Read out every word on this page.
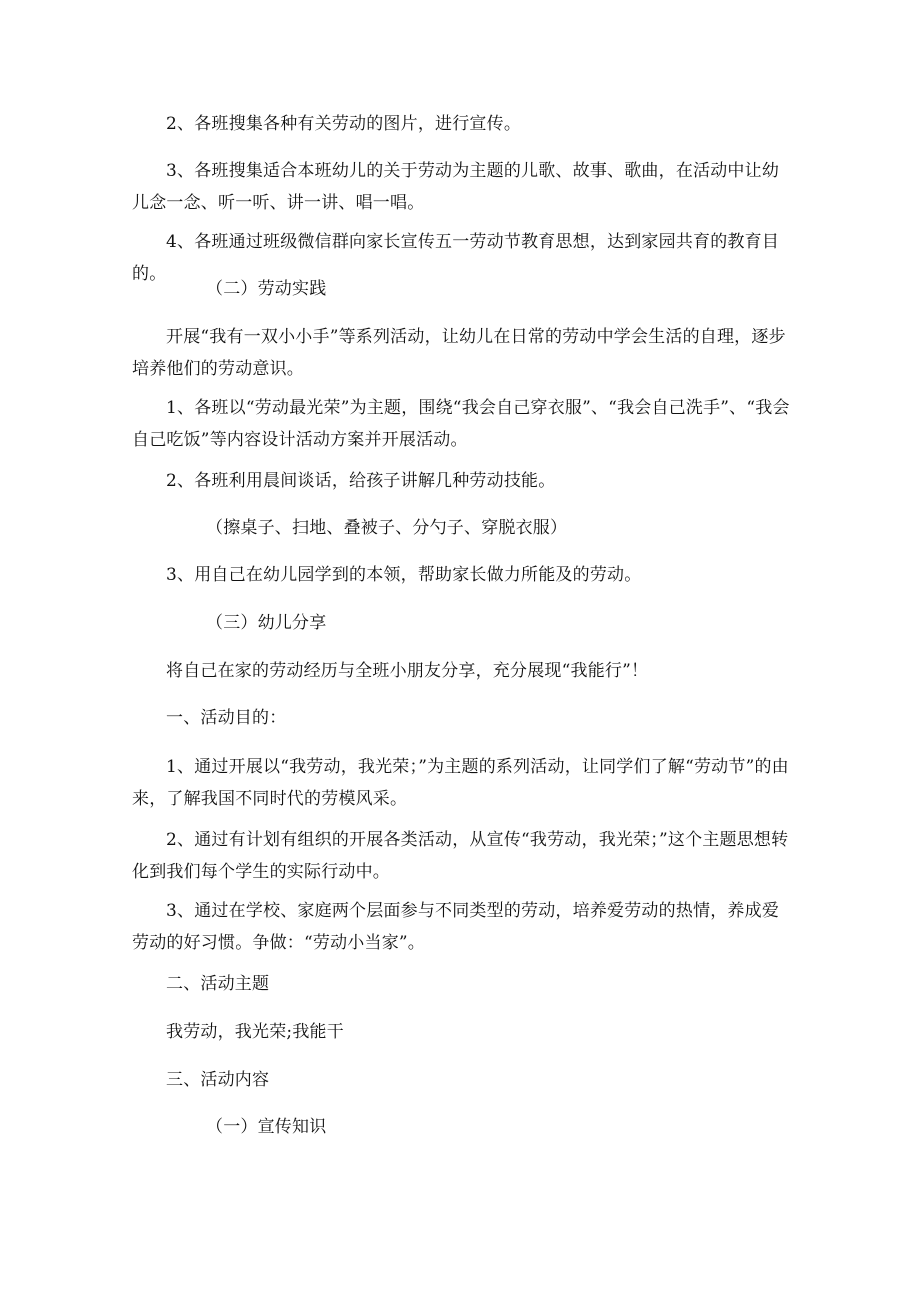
2、各班搜集各种有关劳动的图片，进行宣传。

3、各班搜集适合本班幼儿的关于劳动为主题的儿歌、故事、歌曲，在活动中让幼儿念一念、听一听、讲一讲、唱一唱。

4、各班通过班级微信群向家长宣传五一劳动节教育思想，达到家园共育的教育目的。

（二）劳动实践

开展“我有一双小小手”等系列活动，让幼儿在日常的劳动中学会生活的自理，逐步培养他们的劳动意识。

1、各班以“劳动最光荣”为主题，围绕“我会自己穿衣服”、“我会自己洗手”、“我会自己吃饭”等内容设计活动方案并开展活动。

2、各班利用晨间谈话，给孩子讲解几种劳动技能。

（擦桌子、扫地、叠被子、分勺子、穿脱衣服）

3、用自己在幼儿园学到的本领，帮助家长做力所能及的劳动。

（三）幼儿分享

将自己在家的劳动经历与全班小朋友分享，充分展现“我能行”！

一、活动目的：

1、通过开展以“我劳动，我光荣；”为主题的系列活动，让同学们了解“劳动节”的由来，了解我国不同时代的劳模风采。

2、通过有计划有组织的开展各类活动，从宣传“我劳动，我光荣；”这个主题思想转化到我们每个学生的实际行动中。

3、通过在学校、家庭两个层面参与不同类型的劳动，培养爱劳动的热情，养成爱劳动的好习惯。争做：“劳动小当家”。

二、活动主题

我劳动，我光荣;我能干

三、活动内容

（一）宣传知识
